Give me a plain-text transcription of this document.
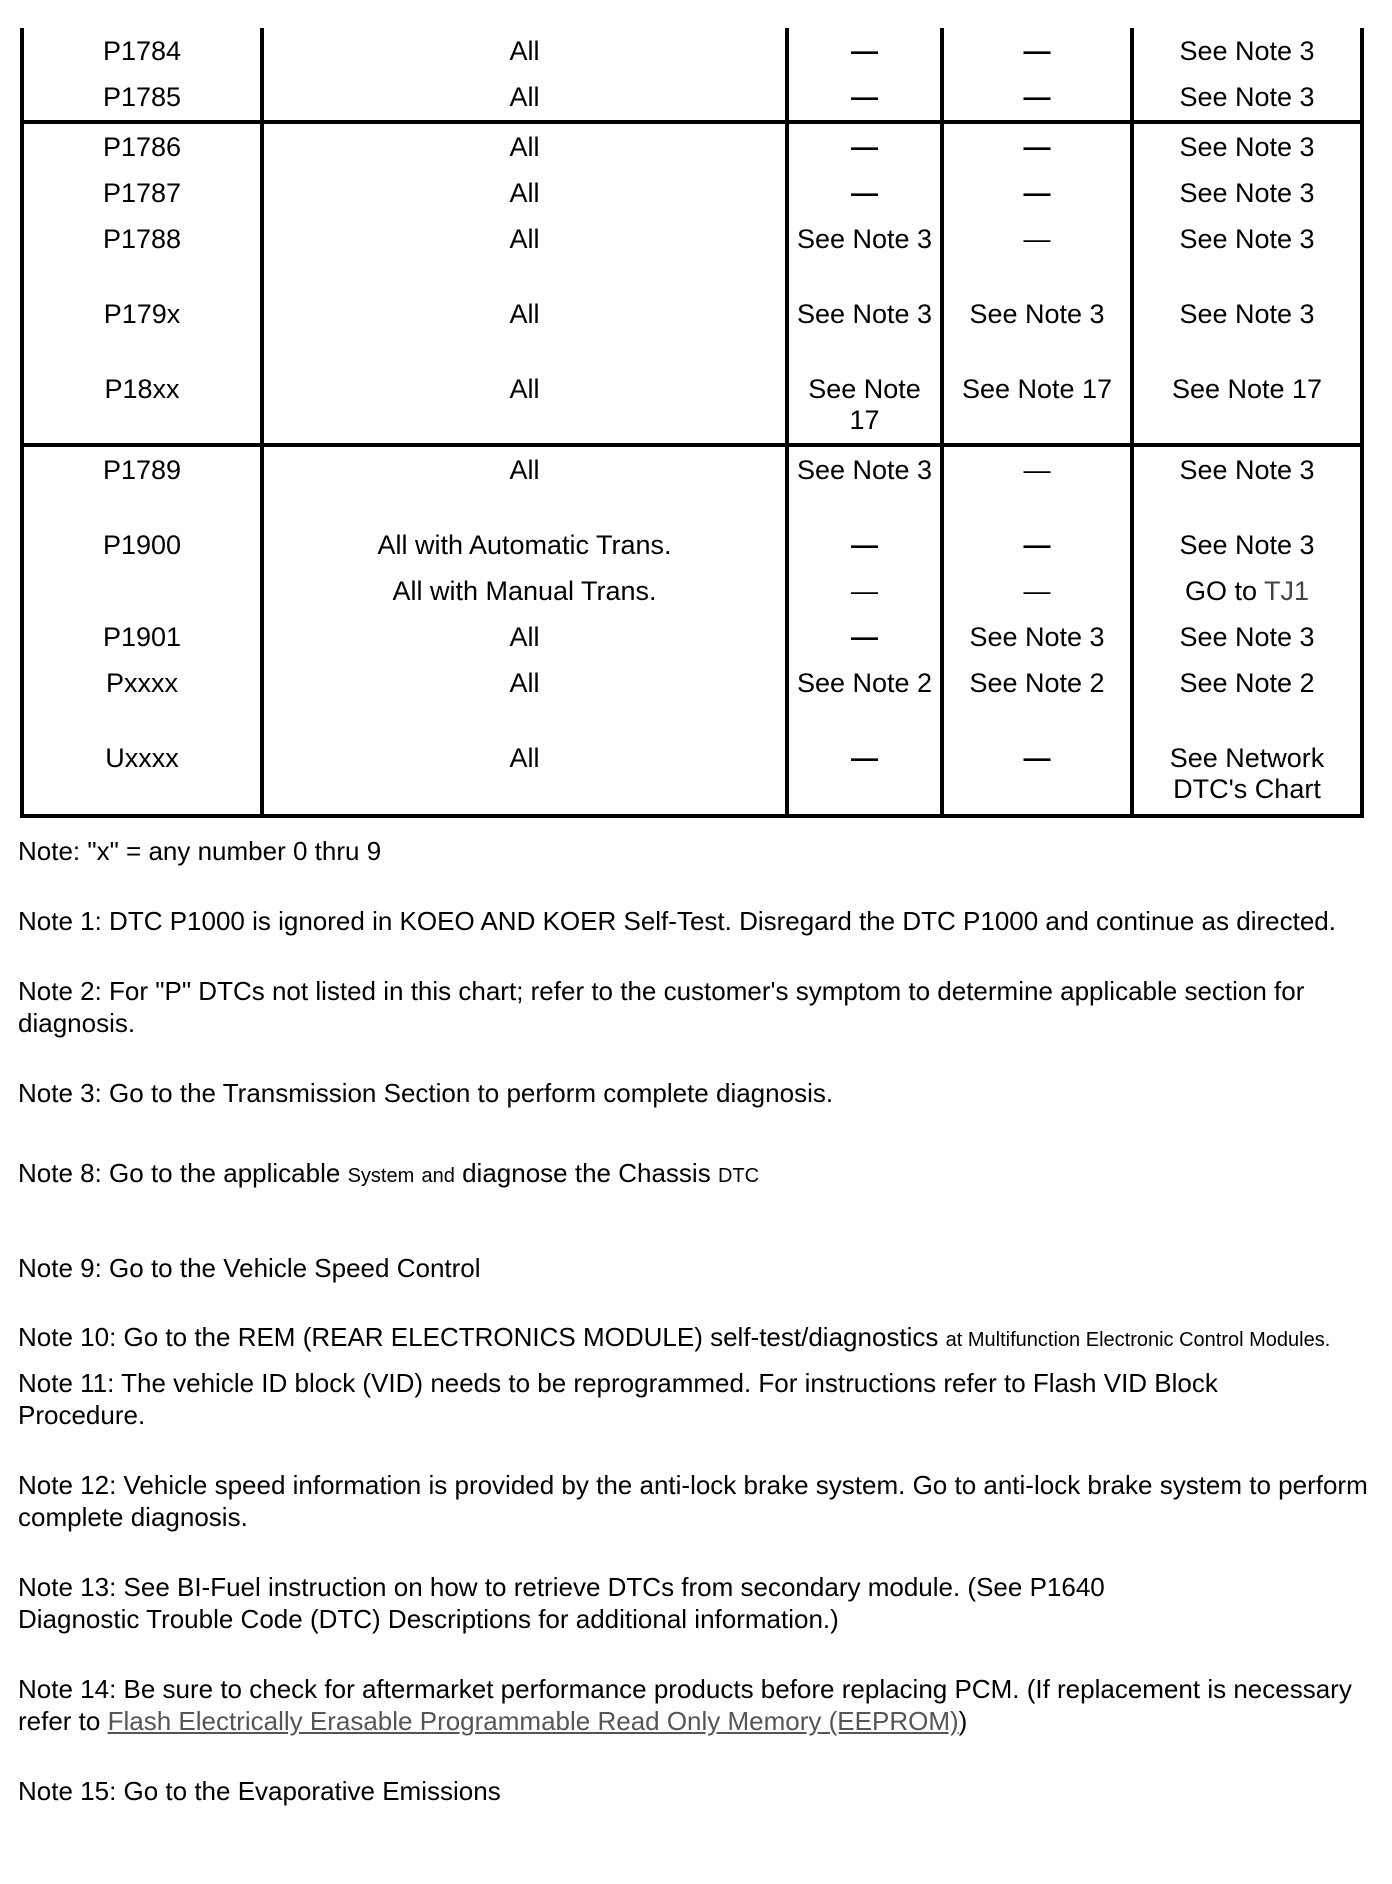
P1784	All	—	—	See Note 3
P1785	All	—	—	See Note 3
P1786	All	—	—	See Note 3
P1787	All	—	—	See Note 3
P1788	All	See Note 3	—	See Note 3
P179x	All	See Note 3	See Note 3	See Note 3
P18xx	All	See Note 17	See Note 17	See Note 17
P1789	All	See Note 3	—	See Note 3
P1900	All with Automatic Trans.	—	—	See Note 3
	All with Manual Trans.	—	—	GO to TJ1
P1901	All	—	See Note 3	See Note 3
Pxxxx	All	See Note 2	See Note 2	See Note 2
Uxxxx	All	—	—	See Network DTC's Chart

Note: "x" = any number 0 thru 9

Note 1: DTC P1000 is ignored in KOEO AND KOER Self-Test. Disregard the DTC P1000 and continue as directed.

Note 2: For "P" DTCs not listed in this chart; refer to the customer's symptom to determine applicable section for diagnosis.

Note 3: Go to the Transmission Section to perform complete diagnosis.

Note 8: Go to the applicable System and diagnose the Chassis DTC

Note 9: Go to the Vehicle Speed Control

Note 10: Go to the REM (REAR ELECTRONICS MODULE) self-test/diagnostics at Multifunction Electronic Control Modules.

Note 11: The vehicle ID block (VID) needs to be reprogrammed. For instructions refer to Flash VID Block Procedure.

Note 12: Vehicle speed information is provided by the anti-lock brake system. Go to anti-lock brake system to perform complete diagnosis.

Note 13: See BI-Fuel instruction on how to retrieve DTCs from secondary module. (See P1640 Diagnostic Trouble Code (DTC) Descriptions for additional information.)

Note 14: Be sure to check for aftermarket performance products before replacing PCM. (If replacement is necessary refer to Flash Electrically Erasable Programmable Read Only Memory (EEPROM))

Note 15: Go to the Evaporative Emissions
